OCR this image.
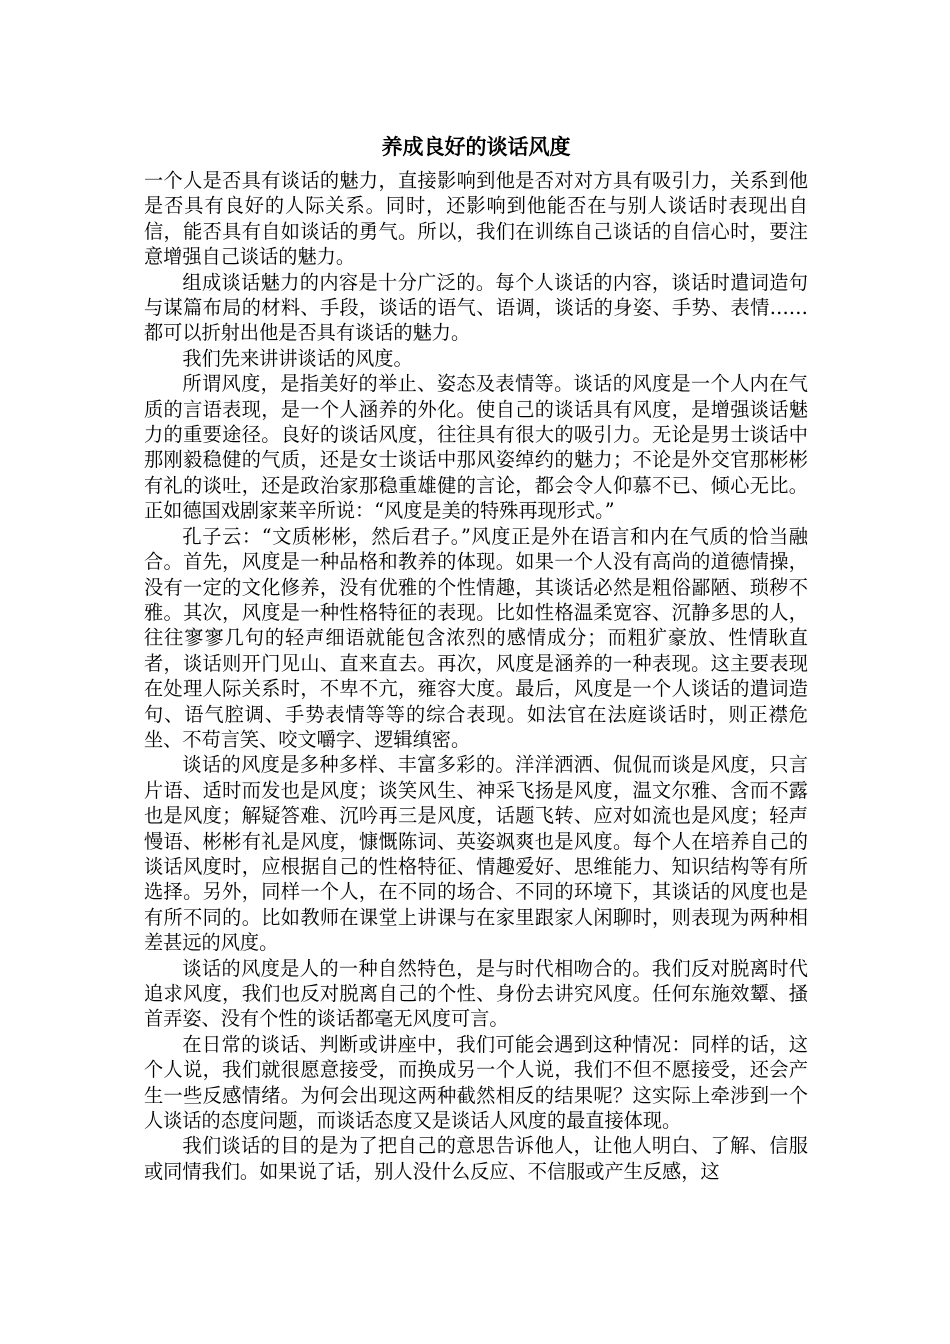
养成良好的谈话风度

一个人是否具有谈话的魅力，直接影响到他是否对对方具有吸引力，关系到他是否具有良好的人际关系。同时，还影响到他能否在与别人谈话时表现出自信，能否具有自如谈话的勇气。所以，我们在训练自己谈话的自信心时，要注意增强自己谈话的魅力。

组成谈话魅力的内容是十分广泛的。每个人谈话的内容，谈话时遣词造句与谋篇布局的材料、手段，谈话的语气、语调，谈话的身姿、手势、表情……都可以折射出他是否具有谈话的魅力。

我们先来讲讲谈话的风度。

所谓风度，是指美好的举止、姿态及表情等。谈话的风度是一个人内在气质的言语表现，是一个人涵养的外化。使自己的谈话具有风度，是增强谈话魅力的重要途径。良好的谈话风度，往往具有很大的吸引力。无论是男士谈话中那刚毅稳健的气质，还是女士谈话中那风姿绰约的魅力；不论是外交官那彬彬有礼的谈吐，还是政治家那稳重雄健的言论，都会令人仰慕不已、倾心无比。正如德国戏剧家莱辛所说：“风度是美的特殊再现形式。”

孔子云：“文质彬彬，然后君子。”风度正是外在语言和内在气质的恰当融合。首先，风度是一种品格和教养的体现。如果一个人没有高尚的道德情操，没有一定的文化修养，没有优雅的个性情趣，其谈话必然是粗俗鄙陋、琐秽不雅。其次，风度是一种性格特征的表现。比如性格温柔宽容、沉静多思的人，往往寥寥几句的轻声细语就能包含浓烈的感情成分；而粗犷豪放、性情耿直者，谈话则开门见山、直来直去。再次，风度是涵养的一种表现。这主要表现在处理人际关系时，不卑不亢，雍容大度。最后，风度是一个人谈话的遣词造句、语气腔调、手势表情等等的综合表现。如法官在法庭谈话时，则正襟危坐、不苟言笑、咬文嚼字、逻辑缜密。

谈话的风度是多种多样、丰富多彩的。洋洋洒洒、侃侃而谈是风度，只言片语、适时而发也是风度；谈笑风生、神采飞扬是风度，温文尔雅、含而不露也是风度；解疑答难、沉吟再三是风度，话题飞转、应对如流也是风度；轻声慢语、彬彬有礼是风度，慷慨陈词、英姿飒爽也是风度。每个人在培养自己的谈话风度时，应根据自己的性格特征、情趣爱好、思维能力、知识结构等有所选择。另外，同样一个人，在不同的场合、不同的环境下，其谈话的风度也是有所不同的。比如教师在课堂上讲课与在家里跟家人闲聊时，则表现为两种相差甚远的风度。

谈话的风度是人的一种自然特色，是与时代相吻合的。我们反对脱离时代追求风度，我们也反对脱离自己的个性、身份去讲究风度。任何东施效颦、搔首弄姿、没有个性的谈话都毫无风度可言。

在日常的谈话、判断或讲座中，我们可能会遇到这种情况：同样的话，这个人说，我们就很愿意接受，而换成另一个人说，我们不但不愿接受，还会产生一些反感情绪。为何会出现这两种截然相反的结果呢？这实际上牵涉到一个人谈话的态度问题，而谈话态度又是谈话人风度的最直接体现。

我们谈话的目的是为了把自己的意思告诉他人，让他人明白、了解、信服或同情我们。如果说了话，别人没什么反应、不信服或产生反感，这
